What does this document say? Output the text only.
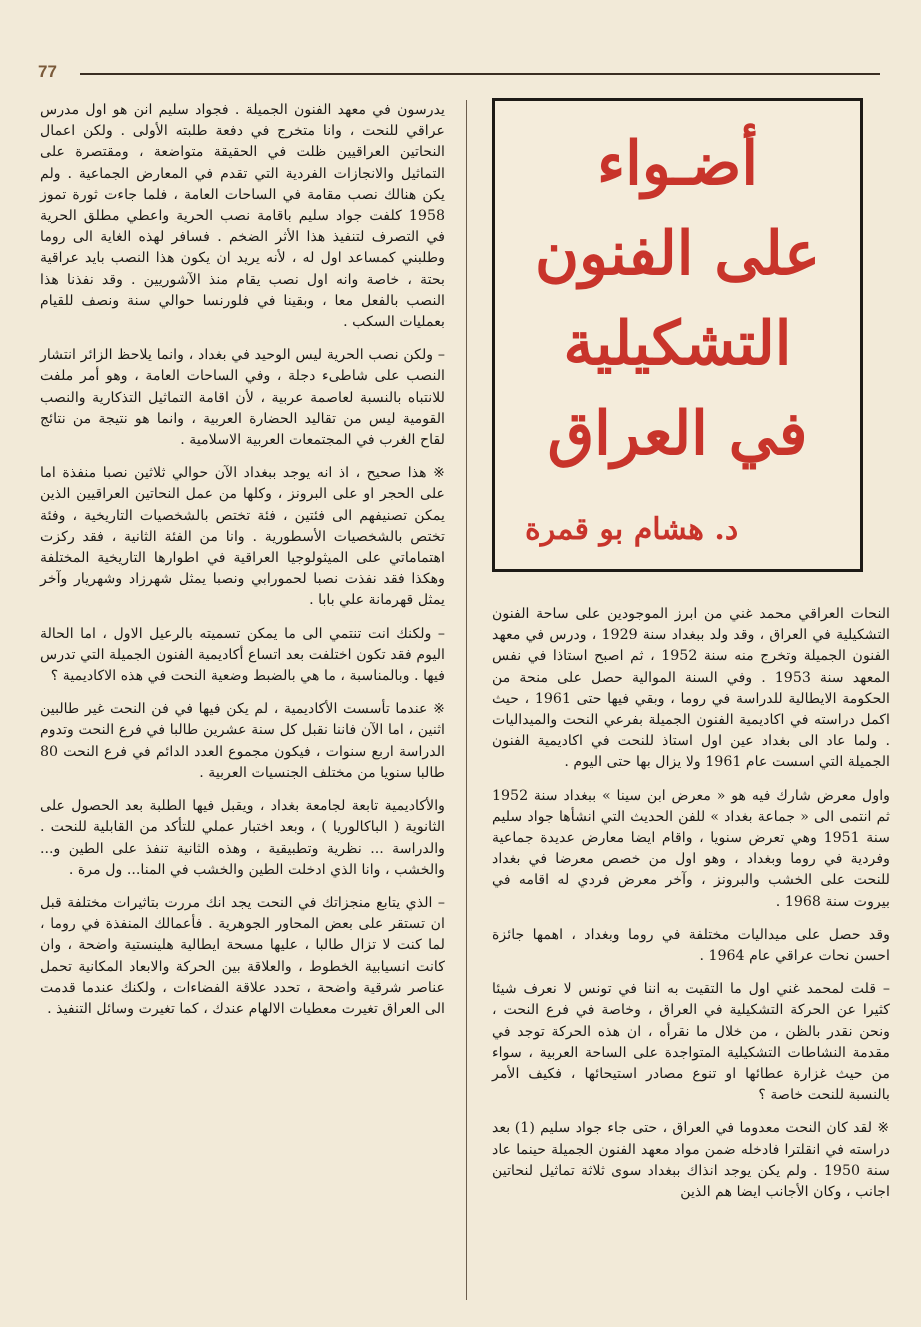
77
أضـواء
على الفنون
التشكيلية
في العراق
د. هشام بو قمرة

يدرسون في معهد الفنون الجميلة . فجواد سليم انن هو اول مدرس عراقي للنحت ، وانا متخرج في دفعة طلبته الأولى . ولكن اعمال النحاتين العراقيين ظلت في الحقيقة متواضعة ، ومقتصرة على التماثيل والانجازات الفردية التي تقدم في المعارض الجماعية . ولم يكن هنالك نصب مقامة في الساحات العامة ، فلما جاءت ثورة تموز 1958 كلفت جواد سليم باقامة نصب الحرية واعطي مطلق الحرية في التصرف لتنفيذ هذا الأثر الضخم . فسافر لهذه الغاية الى روما وطلبني كمساعد اول له ، لأنه يريد ان يكون هذا النصب بايد عراقية بحتة ، خاصة وانه اول نصب يقام منذ الآشوريين . وقد نفذنا هذا النصب بالفعل معا ، وبقينا في فلورنسا حوالي سنة ونصف للقيام بعمليات السكب .

– ولكن نصب الحرية ليس الوحيد في بغداد ، وانما يلاحظ الزائر انتشار النصب على شاطىء دجلة ، وفي الساحات العامة ، وهو أمر ملفت للانتباه بالنسبة لعاصمة عربية ، لأن اقامة التماثيل التذكارية والنصب القومية ليس من تقاليد الحضارة العربية ، وانما هو نتيجة من نتائج لقاح الغرب في المجتمعات العربية الاسلامية .

※ هذا صحيح ، اذ انه يوجد ببغداد الآن حوالي ثلاثين نصبا منفذة اما على الحجر او على البرونز ، وكلها من عمل النحاتين العراقيين الذين يمكن تصنيفهم الى فئتين ، فئة تختص بالشخصيات التاريخية ، وفئة تختص بالشخصيات الأسطورية . وانا من الفئة الثانية ، فقد ركزت اهتماماتي على الميثولوجيا العراقية في اطوارها التاريخية المختلفة وهكذا فقد نفذت نصبا لحمورابي ونصبا يمثل شهرزاد وشهريار وآخر يمثل قهرمانة علي بابا .

– ولكنك انت تنتمي الى ما يمكن تسميته بالرعيل الاول ، اما الحالة اليوم فقد تكون اختلفت بعد اتساع أكاديمية الفنون الجميلة التي تدرس فيها . وبالمناسبة ، ما هي بالضبط وضعية النحت في هذه الاكاديمية ؟

※ عندما تأسست الأكاديمية ، لم يكن فيها في فن النحت غير طالبين اثنين ، اما الآن فاننا نقبل كل سنة عشرين طالبا في فرع النحت وتدوم الدراسة اربع سنوات ، فيكون مجموع العدد الدائم في فرع النحت 80 طالبا سنويا من مختلف الجنسيات العربية .

والأكاديمية تابعة لجامعة بغداد ، ويقبل فيها الطلبة بعد الحصول على الثانوية ( الباكالوريا ) ، وبعد اختبار عملي للتأكد من القابلية للنحت . والدراسة ... نظرية وتطبيقية ، وهذه الثانية تنفذ على الطين و... والخشب ، وانا الذي ادخلت الطين والخشب في المنا... ول مرة .

– الذي يتابع منجزاتك في النحت يجد انك مررت بتاثيرات مختلفة قبل ان تستقر على بعض المحاور الجوهرية . فأعمالك المنفذة في روما ، لما كنت لا تزال طالبا ، عليها مسحة ايطالية هلينستية واضحة ، وان كانت انسيابية الخطوط ، والعلاقة بين الحركة والابعاد المكانية تحمل عناصر شرقية واضحة ، تحدد علاقة الفضاءات ، ولكنك عندما قدمت الى العراق تغيرت معطيات الالهام عندك ، كما تغيرت وسائل التنفيذ .

النحات العراقي محمد غني من ابرز الموجودين على ساحة الفنون التشكيلية في العراق ، وقد ولد ببغداد سنة 1929 ، ودرس في معهد الفنون الجميلة وتخرج منه سنة 1952 ، ثم اصبح استاذا في نفس المعهد سنة 1953 . وفي السنة الموالية حصل على منحة من الحكومة الايطالية للدراسة في روما ، وبقي فيها حتى 1961 ، حيث اكمل دراسته في اكاديمية الفنون الجميلة بفرعي النحت والميداليات . ولما عاد الى بغداد عين اول استاذ للنحت في اكاديمية الفنون الجميلة التي اسست عام 1961 ولا يزال بها حتى اليوم .

واول معرض شارك فيه هو « معرض ابن سينا » ببغداد سنة 1952 ثم انتمى الى « جماعة بغداد » للفن الحديث التي انشأها جواد سليم سنة 1951 وهي تعرض سنويا ، واقام ايضا معارض عديدة جماعية وفردية في روما وبغداد ، وهو اول من خصص معرضا في بغداد للنحت على الخشب والبرونز ، وآخر معرض فردي له اقامه في بيروت سنة 1968 .

وقد حصل على ميداليات مختلفة في روما وبغداد ، اهمها جائزة احسن نحات عراقي عام 1964 .

– قلت لمحمد غني اول ما التقيت به اننا في تونس لا نعرف شيئا كثيرا عن الحركة التشكيلية في العراق ، وخاصة في فرع النحت ، ونحن نقدر بالظن ، من خلال ما نقرأه ، ان هذه الحركة توجد في مقدمة النشاطات التشكيلية المتواجدة على الساحة العربية ، سواء من حيث غزارة عطائها او تنوع مصادر استيحائها ، فكيف الأمر بالنسبة للنحت خاصة ؟

※ لقد كان النحت معدوما في العراق ، حتى جاء جواد سليم (1) بعد دراسته في انقلترا فادخله ضمن مواد معهد الفنون الجميلة حينما عاد سنة 1950 . ولم يكن يوجد انذاك ببغداد سوى ثلاثة تماثيل لنحاتين اجانب ، وكان الأجانب ايضا هم الذين
